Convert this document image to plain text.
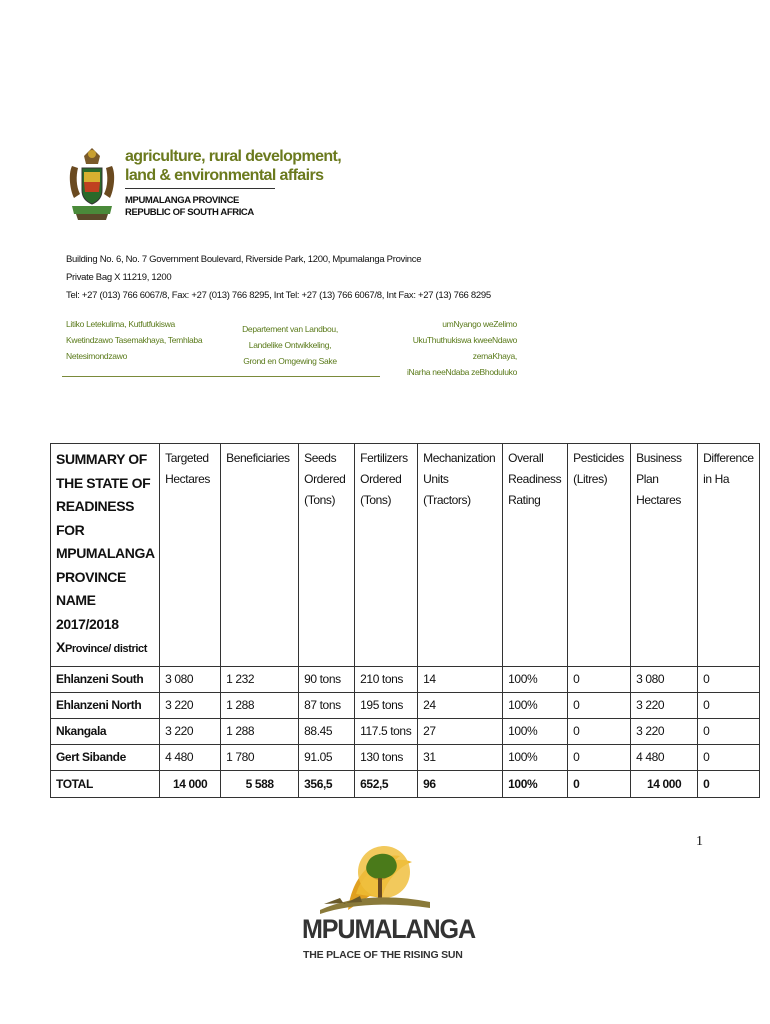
agriculture, rural development,
land & environmental affairs
MPUMALANGA PROVINCE
REPUBLIC OF SOUTH AFRICA
Building No. 6, No. 7 Government Boulevard, Riverside Park, 1200, Mpumalanga Province
Private Bag X 11219, 1200
Tel: +27 (013) 766 6067/8, Fax: +27 (013) 766 8295, Int Tel: +27 (13) 766 6067/8, Int Fax: +27 (13) 766 8295
Litiko Letekulima, Kutfutfukiswa
Kwetindzawo Tasemakhaya, Temhlaba
Netesimondzawo
Departement van Landbou,
Landelike Ontwikkeling,
Grond en Omgewing Sake
umNyango weZelimo
UkuThuthukiswa kweeNdawo zemaKhaya,
iNarha neeNdaba zeBhoduluko
SUMMARY OF THE STATE OF READINESS FOR MPUMALANGA PROVINCE NAME 2017/2018
XProvince/ district	Targeted Hectares	Beneficiaries	Seeds Ordered (Tons)	Fertilizers Ordered (Tons)	Mechanization Units (Tractors)	Overall Readiness Rating	Pesticides (Litres)	Business Plan Hectares	Difference in Ha
Ehlanzeni South	3 080	1 232	90 tons	210 tons	14	100%	0	3 080	0
Ehlanzeni North	3 220	1 288	87 tons	195 tons	24	100%	0	3 220	0
Nkangala	3 220	1 288	88.45	117.5 tons	27	100%	0	3 220	0
Gert Sibande	4 480	1 780	91.05	130 tons	31	100%	0	4 480	0
TOTAL	14 000	5 588	356,5	652,5	96	100%	0	14 000	0
1
MPUMALANGA
THE PLACE OF THE RISING SUN
